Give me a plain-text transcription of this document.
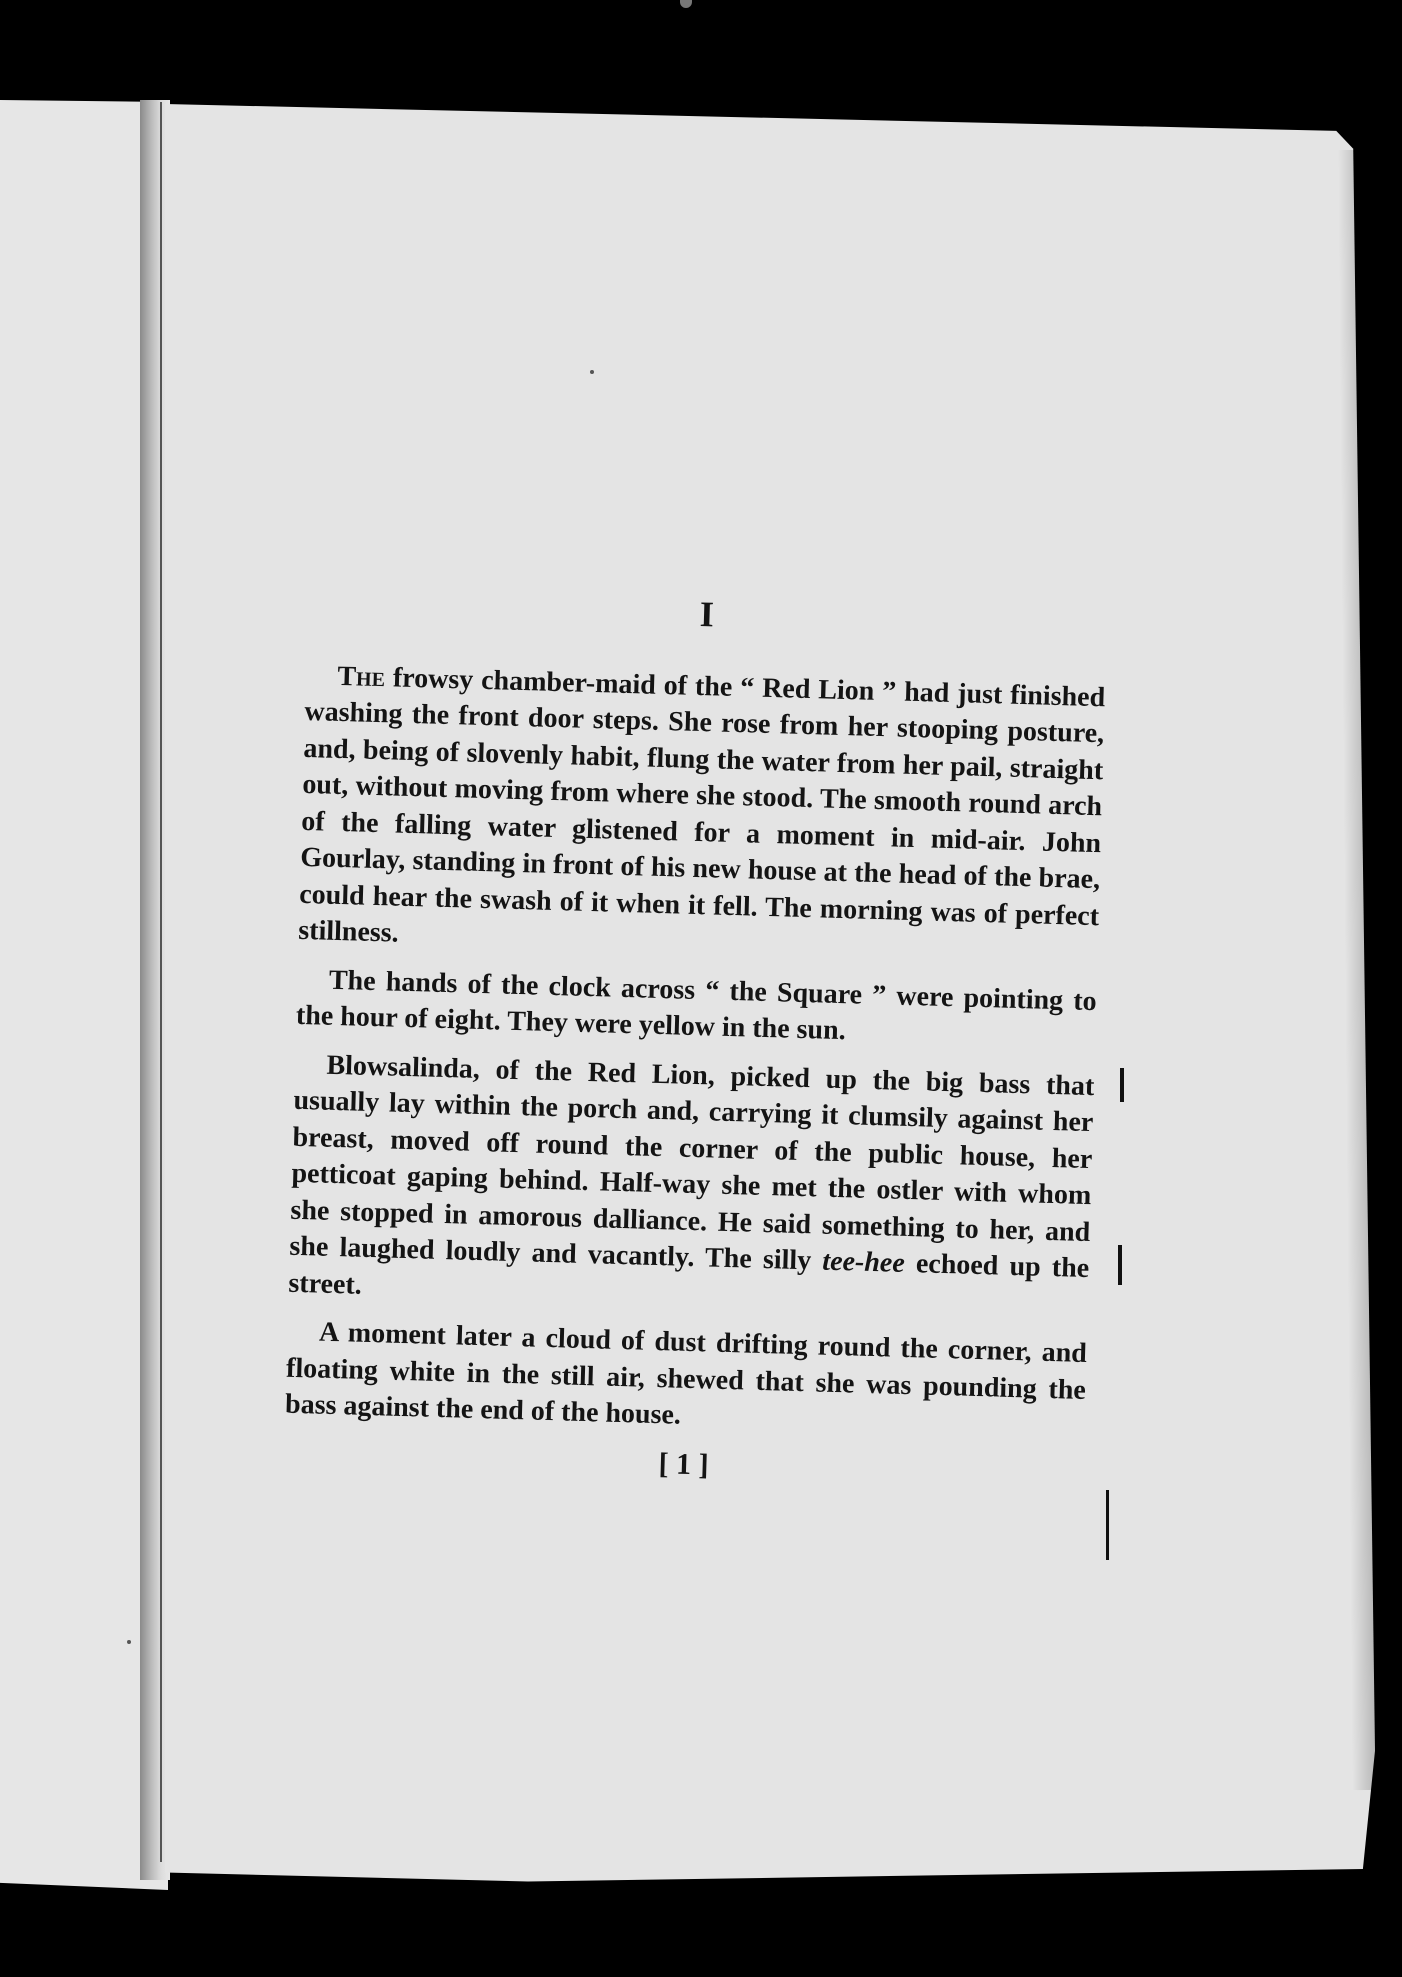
I

The frowsy chamber-maid of the “ Red Lion ” had just finished washing the front door steps. She rose from her stooping posture, and, being of slovenly habit, flung the water from her pail, straight out, without moving from where she stood. The smooth round arch of the falling water glistened for a moment in mid-air. John Gourlay, standing in front of his new house at the head of the brae, could hear the swash of it when it fell. The morning was of perfect stillness.

The hands of the clock across “ the Square ” were pointing to the hour of eight. They were yellow in the sun.

Blowsalinda, of the Red Lion, picked up the big bass that usually lay within the porch and, carrying it clumsily against her breast, moved off round the corner of the public house, her petticoat gaping behind. Half-way she met the ostler with whom she stopped in amorous dalliance. He said something to her, and she laughed loudly and vacantly. The silly tee-hee echoed up the street.

A moment later a cloud of dust drifting round the corner, and floating white in the still air, shewed that she was pounding the bass against the end of the house.

[ 1 ]
